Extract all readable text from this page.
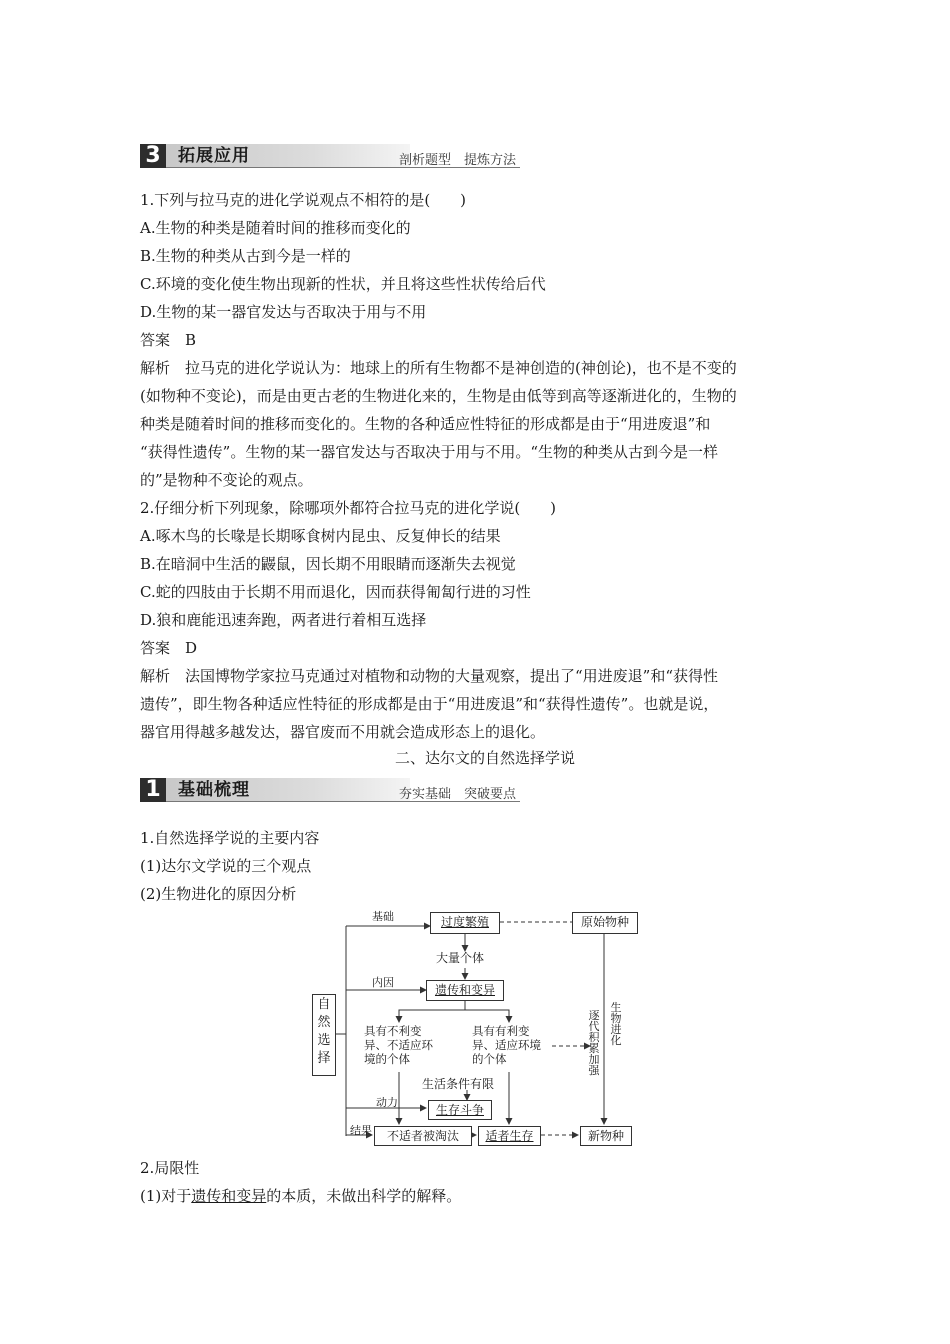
3	拓展应用	剖析题型　提炼方法
1.下列与拉马克的进化学说观点不相符的是(　　)
A.生物的种类是随着时间的推移而变化的
B.生物的种类从古到今是一样的
C.环境的变化使生物出现新的性状，并且将这些性状传给后代
D.生物的某一器官发达与否取决于用与不用
答案　B
解析　拉马克的进化学说认为：地球上的所有生物都不是神创造的(神创论)，也不是不变的
(如物种不变论)，而是由更古老的生物进化来的，生物是由低等到高等逐渐进化的，生物的
种类是随着时间的推移而变化的。生物的各种适应性特征的形成都是由于“用进废退”和
“获得性遗传”。生物的某一器官发达与否取决于用与不用。“生物的种类从古到今是一样
的”是物种不变论的观点。
2.仔细分析下列现象，除哪项外都符合拉马克的进化学说(　　)
A.啄木鸟的长喙是长期啄食树内昆虫、反复伸长的结果
B.在暗洞中生活的鼹鼠，因长期不用眼睛而逐渐失去视觉
C.蛇的四肢由于长期不用而退化，因而获得匍匐行进的习性
D.狼和鹿能迅速奔跑，两者进行着相互选择
答案　D
解析　法国博物学家拉马克通过对植物和动物的大量观察，提出了“用进废退”和“获得性
遗传”，即生物各种适应性特征的形成都是由于“用进废退”和“获得性遗传”。也就是说，
器官用得越多越发达，器官废而不用就会造成形态上的退化。
二、达尔文的自然选择学说
1	基础梳理	夯实基础　突破要点
1.自然选择学说的主要内容
(1)达尔文学说的三个观点
(2)生物进化的原因分析
自然选择
基础
内因
动力
结果
过度繁殖	原始物种
大量个体
遗传和变异
具有不利变
异、不适应环
境的个体
具有有利变
异、适应环境
的个体
生活条件有限
生存斗争
不适者被淘汰	适者生存	新物种
逐代积累加强
生物进化
2.局限性
(1)对于遗传和变异的本质，未做出科学的解释。
